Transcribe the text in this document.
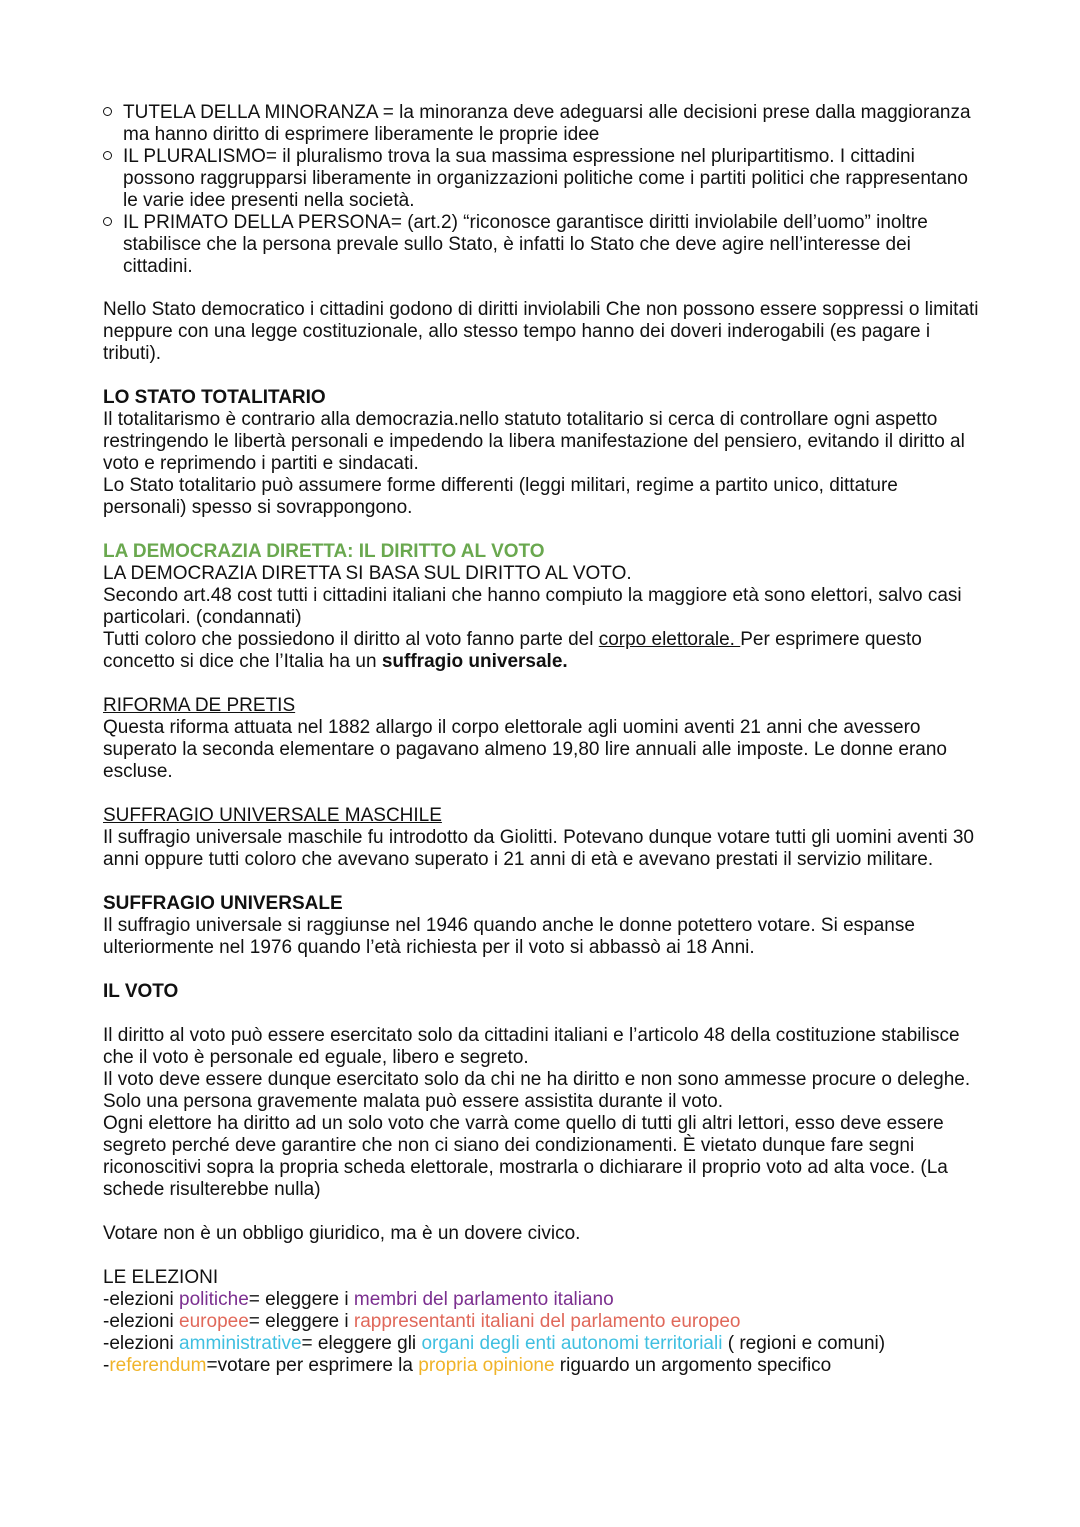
TUTELA DELLA MINORANZA = la minoranza deve adeguarsi alle decisioni prese dalla maggioranza ma hanno diritto di esprimere liberamente le proprie idee
IL PLURALISMO= il pluralismo trova la sua massima espressione nel pluripartitismo. I cittadini possono raggrupparsi liberamente in organizzazioni politiche come i partiti politici che rappresentano le varie idee presenti nella società.
IL PRIMATO DELLA PERSONA= (art.2) “riconosce garantisce diritti inviolabile dell’uomo” inoltre stabilisce che la persona prevale sullo Stato, è infatti lo Stato che deve agire nell’interesse dei cittadini.

Nello Stato democratico i cittadini godono di diritti inviolabili Che non possono essere soppressi o limitati neppure con una legge costituzionale, allo stesso tempo hanno dei doveri inderogabili (es pagare i tributi).

LO STATO TOTALITARIO

Il totalitarismo è contrario alla democrazia.nello statuto totalitario si cerca di controllare ogni aspetto restringendo le libertà personali e impedendo la libera manifestazione del pensiero, evitando il diritto al voto e reprimendo i partiti e sindacati.

Lo Stato totalitario può assumere forme differenti (leggi militari, regime a partito unico, dittature personali) spesso si sovrappongono.

LA DEMOCRAZIA DIRETTA: IL DIRITTO AL VOTO

LA DEMOCRAZIA DIRETTA SI BASA SUL DIRITTO AL VOTO.

Secondo art.48 cost tutti i cittadini italiani che hanno compiuto la maggiore età sono elettori, salvo casi particolari. (condannati)

Tutti coloro che possiedono il diritto al voto fanno parte del corpo elettorale. Per esprimere questo concetto si dice che l’Italia ha un suffragio universale.

RIFORMA DE PRETIS

Questa riforma attuata nel 1882 allargo il corpo elettorale agli uomini aventi 21 anni che avessero superato la seconda elementare o pagavano almeno 19,80 lire annuali alle imposte. Le donne erano escluse.

SUFFRAGIO UNIVERSALE MASCHILE

Il suffragio universale maschile fu introdotto da Giolitti. Potevano dunque votare tutti gli uomini aventi 30 anni oppure tutti coloro che avevano superato i 21 anni di età e avevano prestati il servizio militare.

SUFFRAGIO UNIVERSALE

Il suffragio universale si raggiunse nel 1946 quando anche le donne potettero votare. Si espanse ulteriormente nel 1976 quando l’età richiesta per il voto si abbassò ai 18 Anni.

IL VOTO

Il diritto al voto può essere esercitato solo da cittadini italiani e l’articolo 48 della costituzione stabilisce che il voto è personale ed eguale, libero e segreto.

Il voto deve essere dunque esercitato solo da chi ne ha diritto e non sono ammesse procure o deleghe. Solo una persona gravemente malata può essere assistita durante il voto.

Ogni elettore ha diritto ad un solo voto che varrà come quello di tutti gli altri lettori, esso deve essere segreto perché deve garantire che non ci siano dei condizionamenti. È vietato dunque fare segni riconoscitivi sopra la propria scheda elettorale, mostrarla o dichiarare il proprio voto ad alta voce. (La schede risulterebbe nulla)

Votare non è un obbligo giuridico, ma è un dovere civico.

LE ELEZIONI

-elezioni politiche= eleggere i membri del parlamento italiano

-elezioni europee= eleggere i rappresentanti italiani del parlamento europeo

-elezioni amministrative= eleggere gli organi degli enti autonomi territoriali ( regioni e comuni)

-referendum=votare per esprimere la propria opinione riguardo un argomento specifico
